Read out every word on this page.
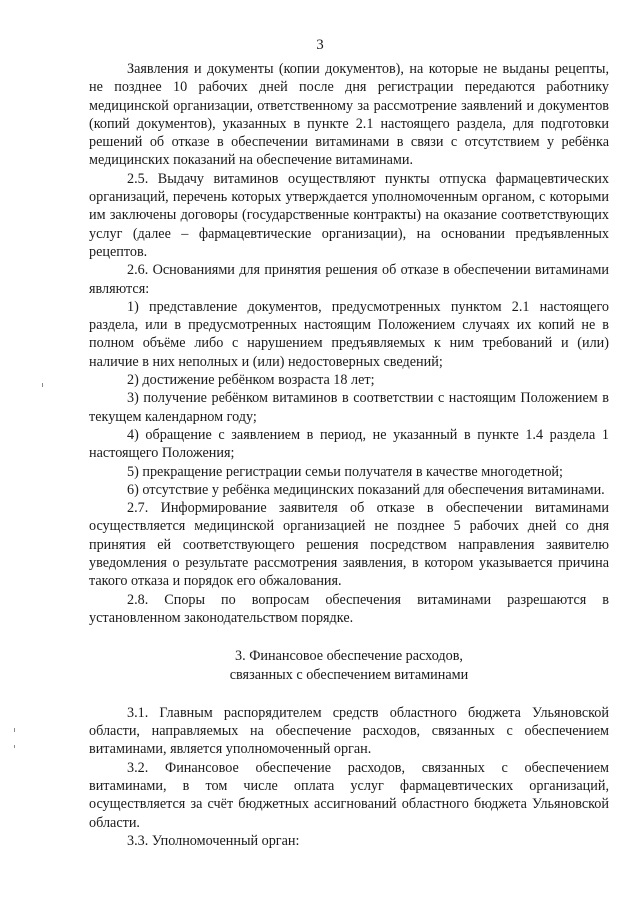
3

Заявления и документы (копии документов), на которые не выданы рецепты, не позднее 10 рабочих дней после дня регистрации передаются работнику медицинской организации, ответственному за рассмотрение заявлений и документов (копий документов), указанных в пункте 2.1 настоящего раздела, для подготовки решений об отказе в обеспечении витаминами в связи с отсутствием у ребёнка медицинских показаний на обеспечение витаминами.

2.5. Выдачу витаминов осуществляют пункты отпуска фармацевтических организаций, перечень которых утверждается уполномоченным органом, с которыми им заключены договоры (государственные контракты) на оказание соответствующих услуг (далее – фармацевтические организации), на основании предъявленных рецептов.

2.6. Основаниями для принятия решения об отказе в обеспечении витаминами являются:

1) представление документов, предусмотренных пунктом 2.1 настоящего раздела, или в предусмотренных настоящим Положением случаях их копий не в полном объёме либо с нарушением предъявляемых к ним требований и (или) наличие в них неполных и (или) недостоверных сведений;

2) достижение ребёнком возраста 18 лет;

3) получение ребёнком витаминов в соответствии с настоящим Положением в текущем календарном году;

4) обращение с заявлением в период, не указанный в пункте 1.4 раздела 1 настоящего Положения;

5) прекращение регистрации семьи получателя в качестве многодетной;

6) отсутствие у ребёнка медицинских показаний для обеспечения витаминами.

2.7. Информирование заявителя об отказе в обеспечении витаминами осуществляется медицинской организацией не позднее 5 рабочих дней со дня принятия ей соответствующего решения посредством направления заявителю уведомления о результате рассмотрения заявления, в котором указывается причина такого отказа и порядок его обжалования.

2.8. Споры по вопросам обеспечения витаминами разрешаются в установленном законодательством порядке.

3. Финансовое обеспечение расходов,
связанных с обеспечением витаминами

3.1. Главным распорядителем средств областного бюджета Ульяновской области, направляемых на обеспечение расходов, связанных с обеспечением витаминами, является уполномоченный орган.

3.2. Финансовое обеспечение расходов, связанных с обеспечением витаминами, в том числе оплата услуг фармацевтических организаций, осуществляется за счёт бюджетных ассигнований областного бюджета Ульяновской области.

3.3. Уполномоченный орган:
